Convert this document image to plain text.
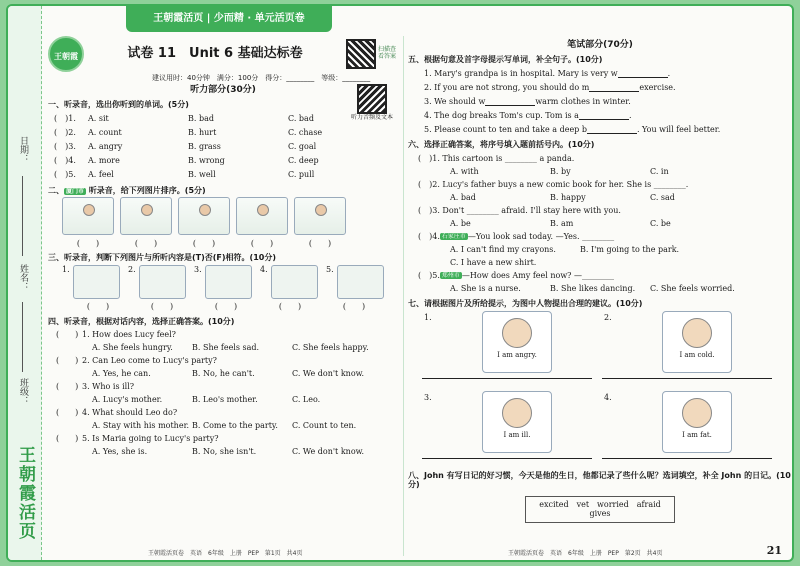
王朝霞活页 | 少而精 · 单元活页卷
日期：
姓名：
班级：
王朝霞活页
王朝霞	试卷 11　Unit 6 基础达标卷	扫描查看答案
建议用时：40分钟　满分：100分　得分：________　等级：________
听力音频及文本
听力部分(30分)
一、听录音，选出你听到的单词。(5分)
(　)1.	A. sit	B. bad	C. bad
(　)2.	A. count	B. hurt	C. chase
(　)3.	A. angry	B. grass	C. goal
(　)4.	A. more	B. wrong	C. deep
(　)5.	A. feel	B. well	C. pull
二、 厦门市 听录音，给下列图片排序。(5分)
(　　)	(　　)	(　　)	(　　)	(　　)
三、听录音，判断下列图片与所听内容是(T)否(F)相符。(10分)
1.	2.	3.	4.	5.
(　　)	(　　)	(　　)	(　　)	(　　)
四、听录音，根据对话内容，选择正确答案。(10分)
(　　) 1. How does Lucy feel?
A. She feels hungry.	B. She feels sad.	C. She feels happy.
(　　) 2. Can Leo come to Lucy's party?
A. Yes, he can.	B. No, he can't.	C. We don't know.
(　　) 3. Who is ill?
A. Lucy's mother.	B. Leo's mother.	C. Leo.
(　　) 4. What should Leo do?
A. Stay with his mother. B. Come to the party.	C. Count to ten.
(　　) 5. Is Maria going to Lucy's party?
A. Yes, she is.	B. No, she isn't.	C. We don't know.
王朝霞活页卷　英语　6年级　上册　PEP　第1页　共4页
笔试部分(70分)
五、根据句意及首字母提示写单词，补全句子。(10分)
1. Mary's grandpa is in hospital. Mary is very w	.
2. If you are not strong, you should do m	exercise.
3. We should w	warm clothes in winter.
4. The dog breaks Tom's cup. Tom is a	.
5. Please count to ten and take a deep b	. You will feel better.
六、选择正确答案，将序号填入题前括号内。(10分)
(　)1. This cartoon is ________ a panda.
A. with	B. by	C. in
(　)2. Lucy's father buys a new comic book for her. She is ________.
A. bad	B. happy	C. sad
(　)3. Don't ________ afraid. I'll stay here with you.
A. be	B. am	C. be
(　)4. 石家庄市 —You look sad today. —Yes. ________
A. I can't find my crayons.	B. I'm going to the park.
C. I have a new shirt.
(　)5. 郑州市 —How does Amy feel now? —________
A. She is a nurse.	B. She likes dancing.	C. She feels worried.
七、请根据图片及所给提示，为图中人物提出合理的建议。(10分)
1.
I am angry.
2.
I am cold.
3.
I am ill.
4.
I am fat.
八、John 有写日记的好习惯，今天是他的生日，他都记录了些什么呢？选词填空，补全 John 的日记。(10分)
excited　vet　worried　afraid　gives
王朝霞活页卷　英语　6年级　上册　PEP　第2页　共4页	21
